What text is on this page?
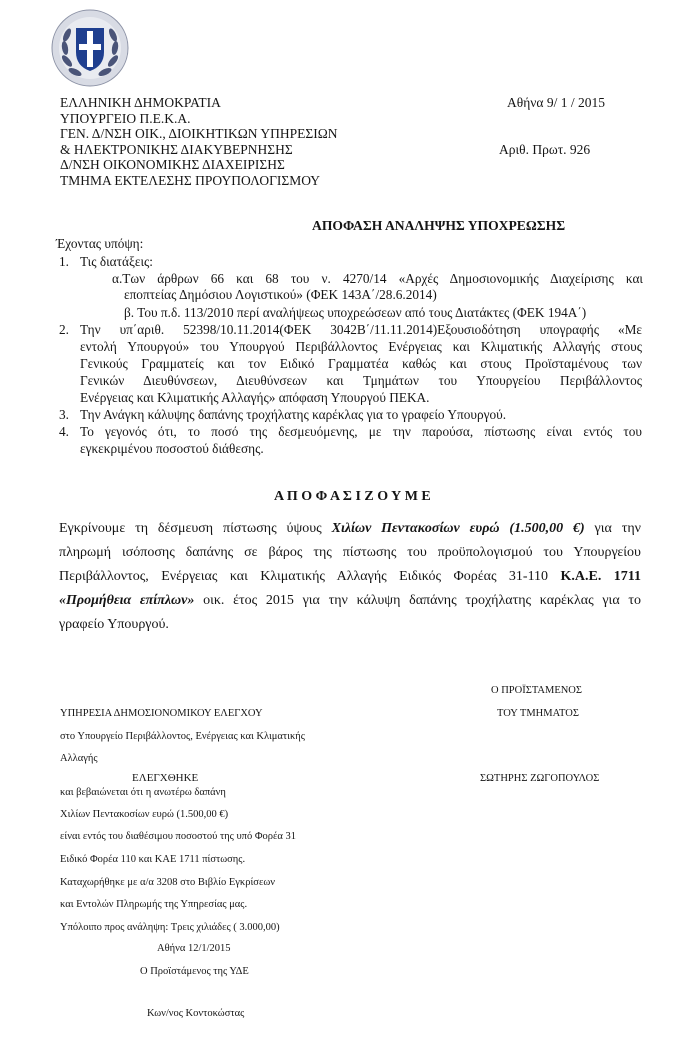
ΕΛΛΗΝΙΚΗ ΔΗΜΟΚΡΑΤΙΑ
ΥΠΟΥΡΓΕΙΟ Π.Ε.Κ.Α.
ΓΕΝ. Δ/ΝΣΗ ΟΙΚ., ΔΙΟΙΚΗΤΙΚΩΝ ΥΠΗΡΕΣΙΩΝ
& ΗΛΕΚΤΡΟΝΙΚΗΣ ΔΙΑΚΥΒΕΡΝΗΣΗΣ
Δ/ΝΣΗ ΟΙΚΟΝΟΜΙΚΗΣ ΔΙΑΧΕΙΡΙΣΗΣ
ΤΜΗΜΑ ΕΚΤΕΛΕΣΗΣ ΠΡΟΥΠΟΛΟΓΙΣΜΟΥ
Αθήνα 9/ 1 / 2015
Αριθ. Πρωτ. 926
ΑΠΟΦΑΣΗ ΑΝΑΛΗΨΗΣ ΥΠΟΧΡΕΩΣΗΣ
Έχοντας υπόψη:
1. Τις διατάξεις:
α.Των άρθρων 66 και 68 του ν. 4270/14 «Αρχές Δημοσιονομικής Διαχείρισης και
εποπτείας Δημόσιου Λογιστικού» (ΦΕΚ 143Α΄/28.6.2014)
β. Του π.δ. 113/2010 περί αναλήψεως υποχρεώσεων από τους Διατάκτες (ΦΕΚ 194Α΄)
2. Την υπ΄αριθ. 52398/10.11.2014(ΦΕΚ 3042Β΄/11.11.2014)Εξουσιοδότηση υπογραφής «Με
εντολή Υπουργού» του Υπουργού Περιβάλλοντος Ενέργειας και Κλιματικής Αλλαγής στους
Γενικούς Γραμματείς και τον Ειδικό Γραμματέα καθώς και στους Προϊσταμένους των
Γενικών Διευθύνσεων, Διευθύνσεων και Τμημάτων του Υπουργείου Περιβάλλοντος
Ενέργειας και Κλιματικής Αλλαγής» απόφαση Υπουργού ΠΕΚΑ.
3. Την Ανάγκη κάλυψης δαπάνης τροχήλατης καρέκλας για το γραφείο Υπουργού.
4. Το γεγονός ότι, το ποσό της δεσμευόμενης, με την παρούσα, πίστωσης είναι εντός του
εγκεκριμένου ποσοστού διάθεσης.
Α Π Ο Φ Α Σ Ι Ζ Ο Υ Μ Ε
Εγκρίνουμε τη δέσμευση πίστωσης ύψους Χιλίων Πεντακοσίων ευρώ (1.500,00 €) για την
πληρωμή ισόποσης δαπάνης σε βάρος της πίστωσης του προϋπολογισμού του Υπουργείου
Περιβάλλοντος, Ενέργειας και Κλιματικής Αλλαγής Ειδικός Φορέας 31-110 Κ.Α.Ε. 1711
«Προμήθεια επίπλων» οικ. έτος 2015 για την κάλυψη δαπάνης τροχήλατης καρέκλας για το
γραφείο Υπουργού.
Ο ΠΡΟΪΣΤΑΜΕΝΟΣ
ΤΟΥ ΤΜΗΜΑΤΟΣ
ΣΩΤΗΡΗΣ ΖΩΓΟΠΟΥΛΟΣ
ΥΠΗΡΕΣΙΑ ΔΗΜΟΣΙΟΝΟΜΙΚΟΥ ΕΛΕΓΧΟΥ
στο Υπουργείο Περιβάλλοντος, Ενέργειας και Κλιματικής
Αλλαγής
ΕΛΕΓΧΘΗΚΕ
και βεβαιώνεται ότι η ανωτέρω δαπάνη
Χιλίων Πεντακοσίων ευρώ (1.500,00 €)
είναι εντός του διαθέσιμου ποσοστού της υπό Φορέα 31
Ειδικό Φορέα 110 και ΚΑΕ 1711 πίστωσης.
Καταχωρήθηκε με α/α 3208 στο Βιβλίο Εγκρίσεων
και Εντολών Πληρωμής της Υπηρεσίας μας.
Υπόλοιπο προς ανάληψη: Τρεις χιλιάδες ( 3.000,00)
Αθήνα 12/1/2015
Ο Προϊστάμενος της ΥΔΕ
Κων/νος Κοντοκώστας
